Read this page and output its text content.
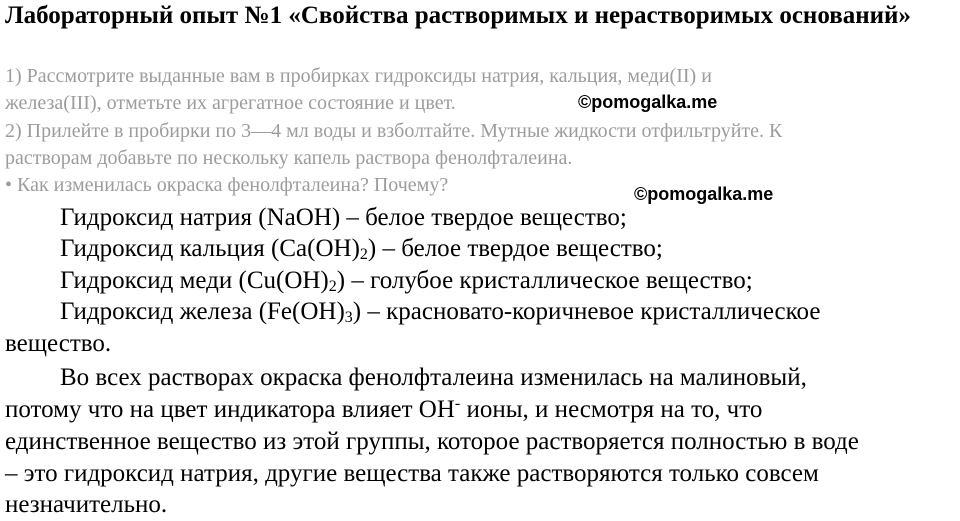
Лабораторный опыт №1 «Свойства растворимых и нерастворимых оснований»

1) Рассмотрите выданные вам в пробирках гидроксиды натрия, кальция, меди(II) и

железа(III), отметьте их агрегатное состояние и цвет.

2) Прилейте в пробирки по 3—4 мл воды и взболтайте. Мутные жидкости отфильтруйте. К

растворам добавьте по нескольку капель раствора фенолфталеина.

• Как изменилась окраска фенолфталеина? Почему?

©pomogalka.me
©pomogalka.me

Гидроксид натрия (NaOH) – белое твердое вещество;

Гидроксид кальция $(Ca(OH)_2)$ – белое твердое вещество;

Гидроксид меди $(Cu(OH)_2)$ – голубое кристаллическое вещество;

Гидроксид железа $(Fe(OH)_3)$ – красновато-коричневое кристаллическое

вещество.

Во всех растворах окраска фенолфталеина изменилась на малиновый,

потому что на цвет индикатора влияет OH- ионы, и несмотря на то, что

единственное вещество из этой группы, которое растворяется полностью в воде

– это гидроксид натрия, другие вещества также растворяются только совсем

незначительно.
